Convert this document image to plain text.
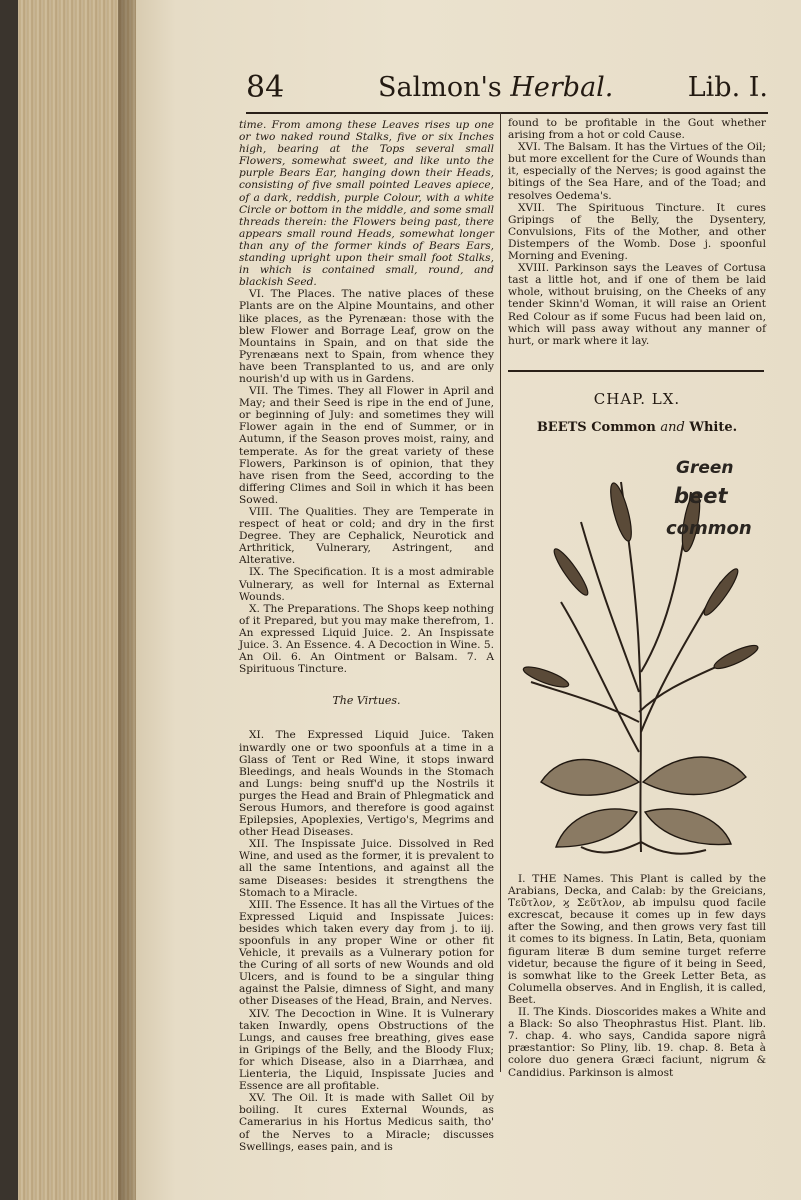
84	Salmon's Herbal.	Lib. I.

time. From among these Leaves rises up one or two naked round Stalks, five or six Inches high, bearing at the Tops several small Flowers, somewhat sweet, and like unto the purple Bears Ear, hanging down their Heads, consisting of five small pointed Leaves apiece, of a dark, reddish, purple Colour, with a white Circle or bottom in the middle, and some small threads therein: the Flowers being past, there appears small round Heads, somewhat longer than any of the former kinds of Bears Ears, standing upright upon their small foot Stalks, in which is contained small, round, and blackish Seed.

VI. The Places. The native places of these Plants are on the Alpine Mountains, and other like places, as the Pyrenæan: those with the blew Flower and Borrage Leaf, grow on the Mountains in Spain, and on that side the Pyrenæans next to Spain, from whence they have been Transplanted to us, and are only nourish'd up with us in Gardens.

VII. The Times. They all Flower in April and May; and their Seed is ripe in the end of June, or beginning of July: and sometimes they will Flower again in the end of Summer, or in Autumn, if the Season proves moist, rainy, and temperate. As for the great variety of these Flowers, Parkinson is of opinion, that they have risen from the Seed, according to the differing Climes and Soil in which it has been Sowed.

VIII. The Qualities. They are Temperate in respect of heat or cold; and dry in the first Degree. They are Cephalick, Neurotick and Arthritick, Vulnerary, Astringent, and Alterative.

IX. The Specification. It is a most admirable Vulnerary, as well for Internal as External Wounds.

X. The Preparations. The Shops keep nothing of it Prepared, but you may make therefrom, 1. An expressed Liquid Juice. 2. An Inspissate Juice. 3. An Essence. 4. A Decoction in Wine. 5. An Oil. 6. An Ointment or Balsam. 7. A Spirituous Tincture.

The Virtues.

XI. The Expressed Liquid Juice. Taken inwardly one or two spoonfuls at a time in a Glass of Tent or Red Wine, it stops inward Bleedings, and heals Wounds in the Stomach and Lungs: being snuff'd up the Nostrils it purges the Head and Brain of Phlegmatick and Serous Humors, and therefore is good against Epilepsies, Apoplexies, Vertigo's, Megrims and other Head Diseases.

XII. The Inspissate Juice. Dissolved in Red Wine, and used as the former, it is prevalent to all the same Intentions, and against all the same Diseases: besides it strengthens the Stomach to a Miracle.

XIII. The Essence. It has all the Virtues of the Expressed Liquid and Inspissate Juices: besides which taken every day from j. to iij. spoonfuls in any proper Wine or other fit Vehicle, it prevails as a Vulnerary potion for the Curing of all sorts of new Wounds and old Ulcers, and is found to be a singular thing against the Palsie, dimness of Sight, and many other Diseases of the Head, Brain, and Nerves.

XIV. The Decoction in Wine. It is Vulnerary taken Inwardly, opens Obstructions of the Lungs, and causes free breathing, gives ease in Gripings of the Belly, and the Bloody Flux; for which Disease, also in a Diarrhæa, and Lienteria, the Liquid, Inspissate Jucies and Essence are all profitable.

XV. The Oil. It is made with Sallet Oil by boiling. It cures External Wounds, as Camerarius in his Hortus Medicus saith, tho' of the Nerves to a Miracle; discusses Swellings, eases pain, and is

found to be profitable in the Gout whether arising from a hot or cold Cause.

XVI. The Balsam. It has the Virtues of the Oil; but more excellent for the Cure of Wounds than it, especially of the Nerves; is good against the bitings of the Sea Hare, and of the Toad; and resolves Oedema's.

XVII. The Spirituous Tincture. It cures Gripings of the Belly, the Dysentery, Convulsions, Fits of the Mother, and other Distempers of the Womb. Dose j. spoonful Morning and Evening.

XVIII. Parkinson says the Leaves of Cortusa tast a little hot, and if one of them be laid whole, without bruising, on the Cheeks of any tender Skinn'd Woman, it will raise an Orient Red Colour as if some Fucus had been laid on, which will pass away without any manner of hurt, or mark where it lay.

CHAP. LX.
BEETS Common and White.
Green
beet
common

I. THE Names. This Plant is called by the Arabians, Decka, and Calab: by the Greicians, Τεῦτλον, ϗ Σεῦτλον, ab impulsu quod facile excrescat, because it comes up in few days after the Sowing, and then grows very fast till it comes to its bigness. In Latin, Beta, quoniam figuram literæ B dum semine turget referre videtur, because the figure of it being in Seed, is somwhat like to the Greek Letter Beta, as Columella observes. And in English, it is called, Beet.

II. The Kinds. Dioscorides makes a White and a Black: So also Theophrastus Hist. Plant. lib. 7. chap. 4. who says, Candida sapore nigrâ præstantior: So Pliny, lib. 19. chap. 8. Beta à colore duo genera Græci faciunt, nigrum & Candidius. Parkinson is almost
